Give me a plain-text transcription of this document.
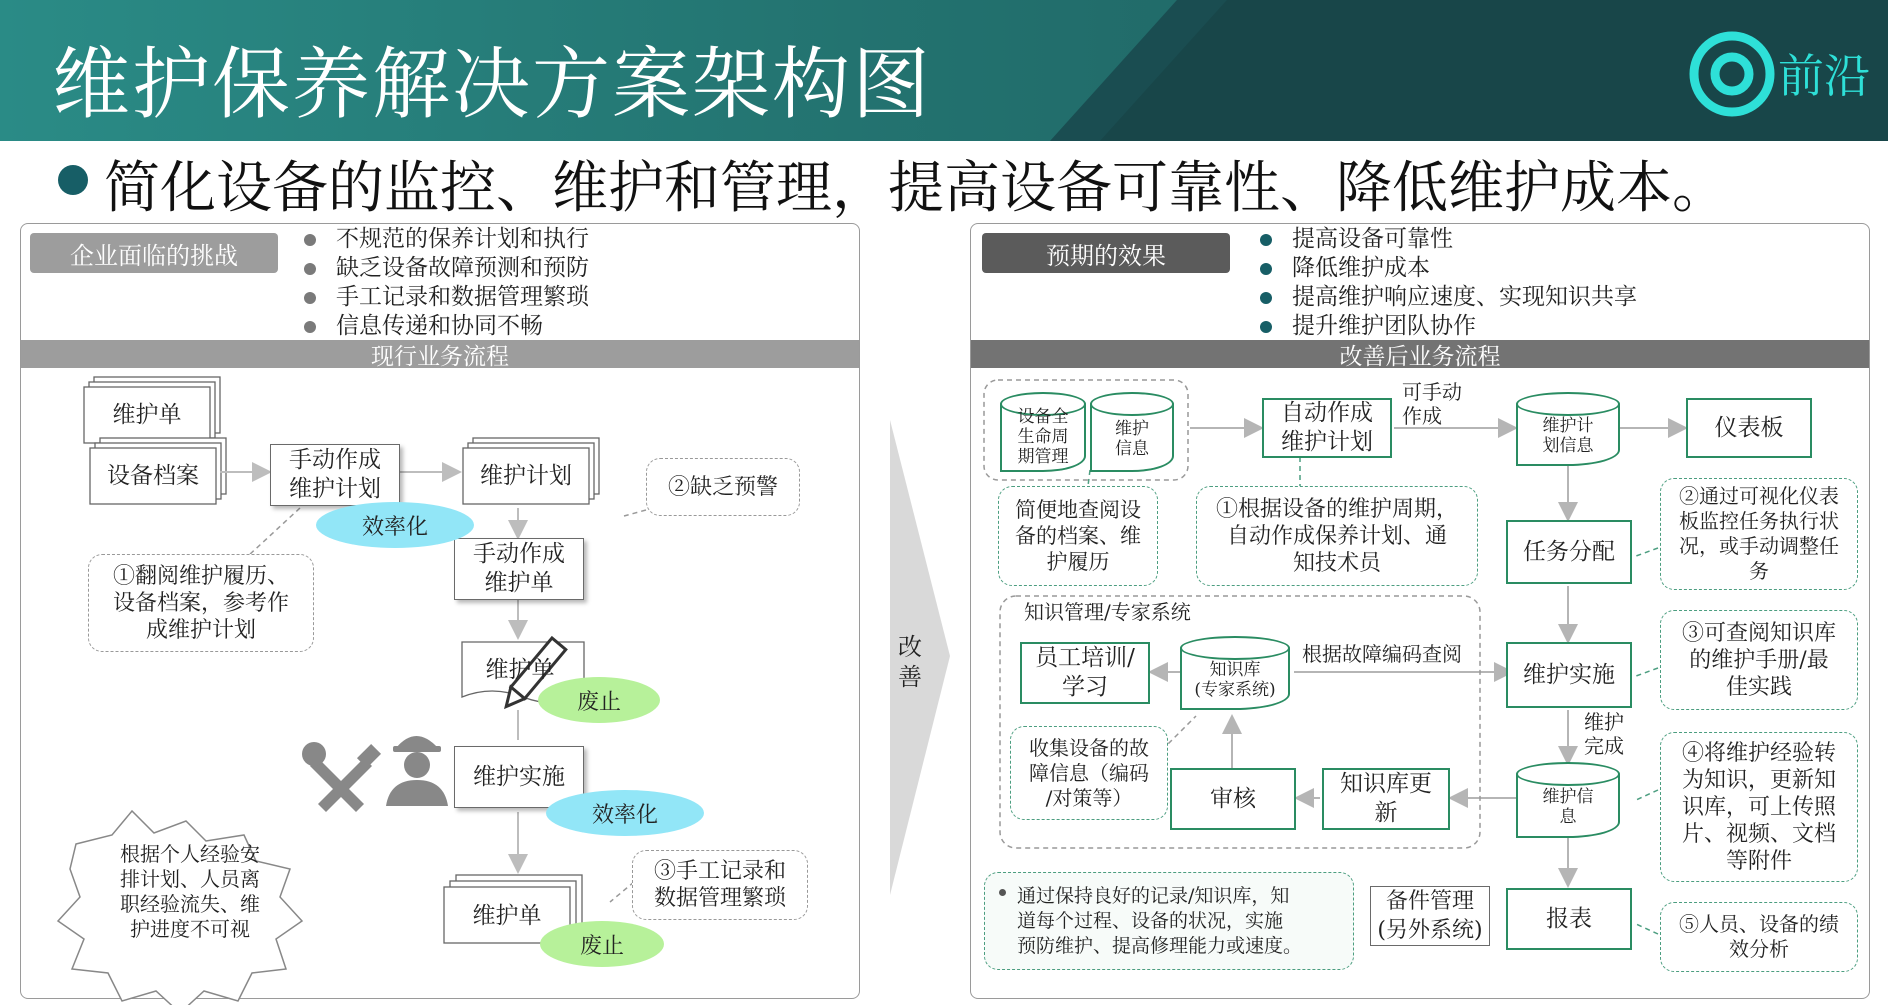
维护保养解决方案架构图	前沿
简化设备的监控、维护和管理，提高设备可靠性、降低维护成本。
企业面临的挑战
不规范的保养计划和执行
缺乏设备故障预测和预防
手工记录和数据管理繁琐
信息传递和协同不畅
现行业务流程
维护单
设备档案
手动作成
维护计划
维护计划
手动作成
维护单
维护单
维护实施
维护单
效率化
废止
效率化
废止
①翻阅维护履历、
设备档案，参考作
成维护计划
②缺乏预警
③手工记录和
数据管理繁琐
根据个人经验安
排计划、人员离
职经验流失、维
护进度不可视
改
善
预期的效果
提高设备可靠性
降低维护成本
提高维护响应速度、实现知识共享
提升维护团队协作
改善后业务流程
设备全
生命周
期管理
维护
信息
维护计
划信息
知识库
(专家系统)
维护信
息
自动作成
维护计划
可手动
作成	仪表板
任务分配
维护实施
维护
完成
报表
备件管理
(另外系统)
知识库更
新
审核
员工培训/
学习
知识管理/专家系统
根据故障编码查阅
简便地查阅设
备的档案、维
护履历
①根据设备的维护周期，
自动作成保养计划、通
知技术员
②通过可视化仪表
板监控任务执行状
况，或手动调整任
务
③可查阅知识库
的维护手册/最
佳实践
收集设备的故
障信息（编码
/对策等）
④将维护经验转
为知识，更新知
识库，可上传照
片、视频、文档
等附件
⑤人员、设备的绩
效分析
通过保持良好的记录/知识库，知
道每个过程、设备的状况，实施
预防维护、提高修理能力或速度。
